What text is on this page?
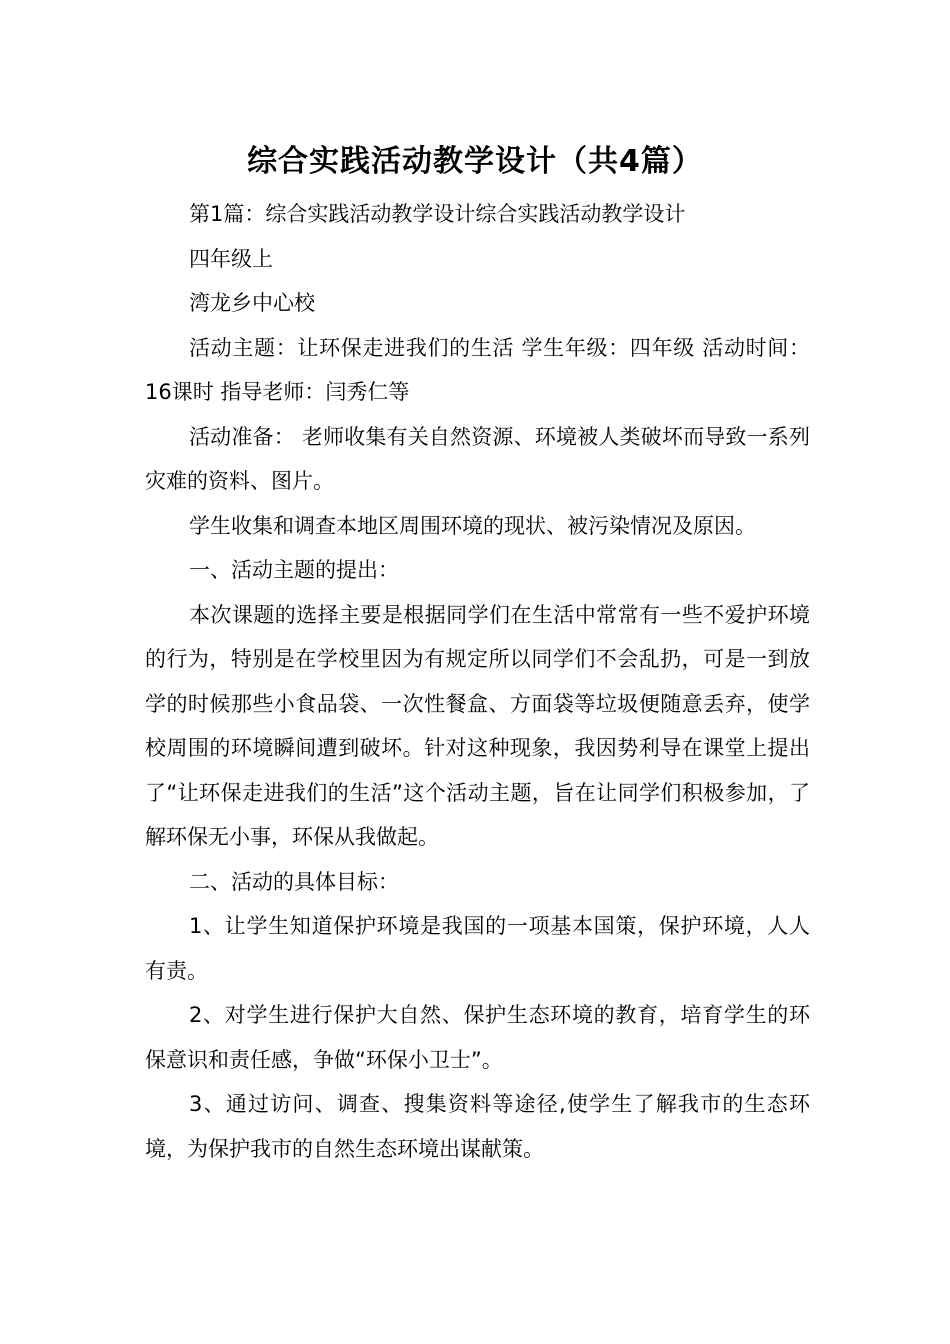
综合实践活动教学设计（共4篇）

第1篇：综合实践活动教学设计综合实践活动教学设计

四年级上

湾龙乡中心校

活动主题：让环保走进我们的生活 学生年级：四年级 活动时间：16课时 指导老师：闫秀仁等

活动准备： 老师收集有关自然资源、环境被人类破坏而导致一系列灾难的资料、图片。

学生收集和调查本地区周围环境的现状、被污染情况及原因。

一、活动主题的提出：

本次课题的选择主要是根据同学们在生活中常常有一些不爱护环境的行为，特别是在学校里因为有规定所以同学们不会乱扔，可是一到放学的时候那些小食品袋、一次性餐盒、方面袋等垃圾便随意丢弃，使学校周围的环境瞬间遭到破坏。针对这种现象，我因势利导在课堂上提出了“让环保走进我们的生活”这个活动主题，旨在让同学们积极参加，了解环保无小事，环保从我做起。

二、活动的具体目标：

1、让学生知道保护环境是我国的一项基本国策，保护环境，人人有责。

2、对学生进行保护大自然、保护生态环境的教育，培育学生的环保意识和责任感，争做“环保小卫士”。

3、通过访问、调查、搜集资料等途径,使学生了解我市的生态环境，为保护我市的自然生态环境出谋献策。
